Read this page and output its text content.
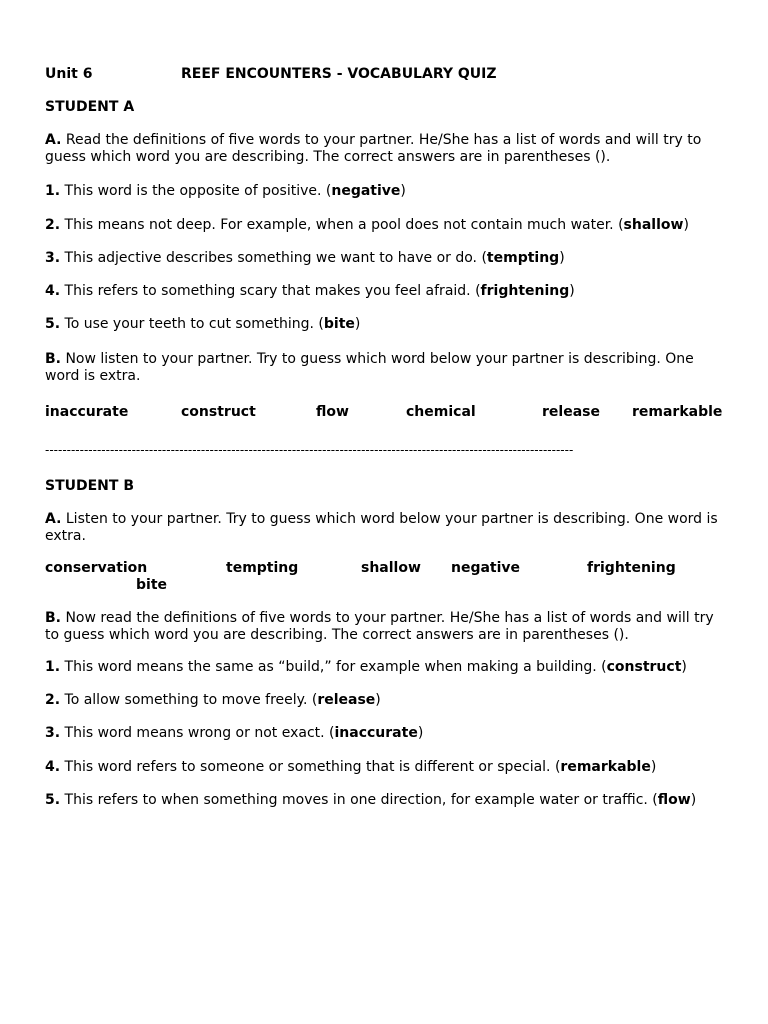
Unit 6	REEF ENCOUNTERS - VOCABULARY QUIZ
STUDENT A
A. Read the definitions of five words to your partner. He/She has a list of words and will try to guess which word you are describing. The correct answers are in parentheses ().
1. This word is the opposite of positive. (negative)
2. This means not deep. For example, when a pool does not contain much water. (shallow)
3. This adjective describes something we want to have or do. (tempting)
4. This refers to something scary that makes you feel afraid. (frightening)
5. To use your teeth to cut something. (bite)
B. Now listen to your partner. Try to guess which word below your partner is describing. One word is extra.
inaccurate	construct	flow	chemical	release remarkable
--------------------------------------------------------------------------------------------------------------------------
STUDENT B
A. Listen to your partner. Try to guess which word below your partner is describing. One word is extra.
conservation	tempting	shallow negative	frightening
bite
B. Now read the definitions of five words to your partner. He/She has a list of words and will try to guess which word you are describing. The correct answers are in parentheses ().
1. This word means the same as “build,” for example when making a building. (construct)
2. To allow something to move freely. (release)
3. This word means wrong or not exact. (inaccurate)
4. This word refers to someone or something that is different or special. (remarkable)
5. This refers to when something moves in one direction, for example water or traffic. (flow)
